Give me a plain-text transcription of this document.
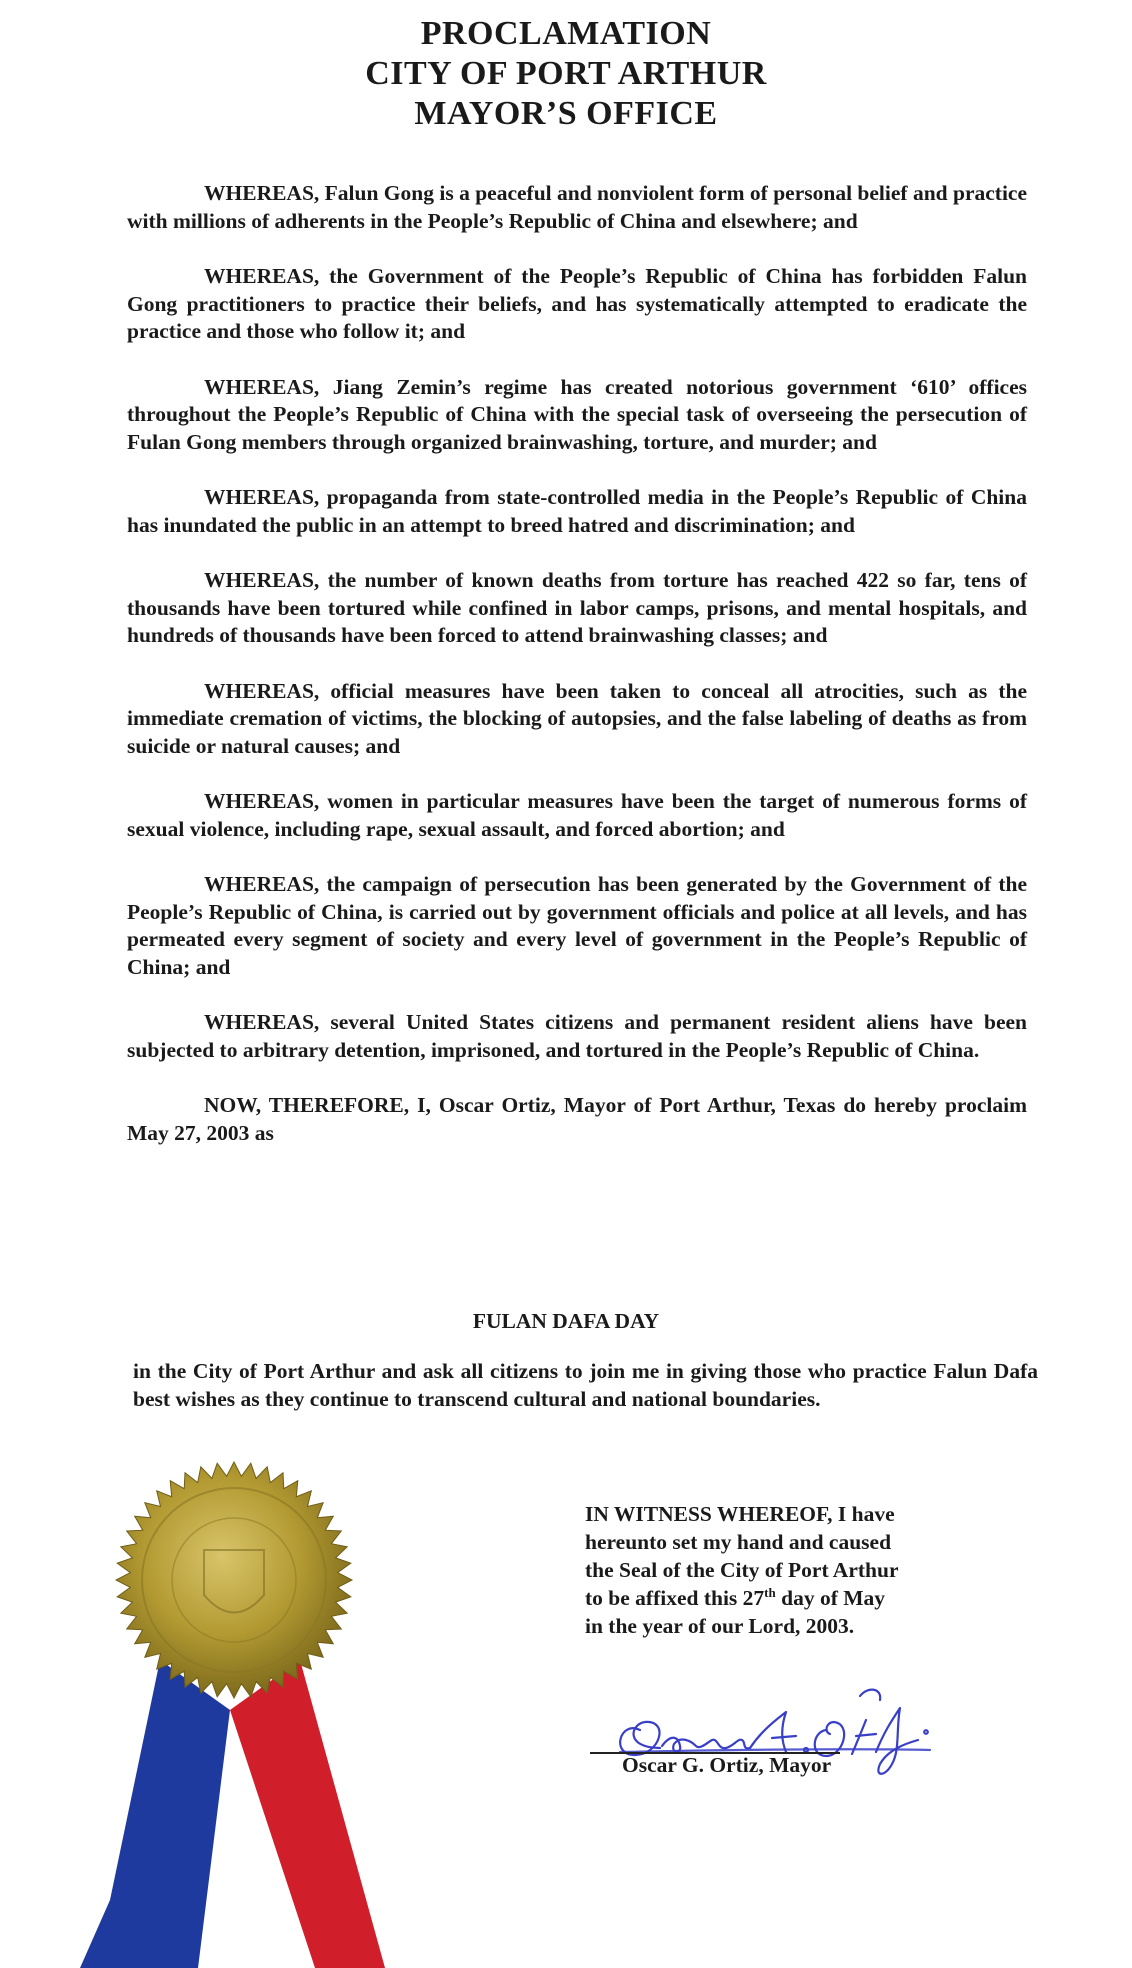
PROCLAMATION
CITY OF PORT ARTHUR
MAYOR’S OFFICE

WHEREAS, Falun Gong is a peaceful and nonviolent form of personal belief and practice with millions of adherents in the People’s Republic of China and elsewhere; and

WHEREAS, the Government of the People’s Republic of China has forbidden Falun Gong practitioners to practice their beliefs, and has systematically attempted to eradicate the practice and those who follow it; and

WHEREAS, Jiang Zemin’s regime has created notorious government ‘610’ offices throughout the People’s Republic of China with the special task of overseeing the persecution of Fulan Gong members through organized brainwashing, torture, and murder; and

WHEREAS, propaganda from state-controlled media in the People’s Republic of China has inundated the public in an attempt to breed hatred and discrimination; and

WHEREAS, the number of known deaths from torture has reached 422 so far, tens of thousands have been tortured while confined in labor camps, prisons, and mental hospitals, and hundreds of thousands have been forced to attend brainwashing classes; and

WHEREAS, official measures have been taken to conceal all atrocities, such as the immediate cremation of victims, the blocking of autopsies, and the false labeling of deaths as from suicide or natural causes; and

WHEREAS, women in particular measures have been the target of numerous forms of sexual violence, including rape, sexual assault, and forced abortion; and

WHEREAS, the campaign of persecution has been generated by the Government of the People’s Republic of China, is carried out by government officials and police at all levels, and has permeated every segment of society and every level of government in the People’s Republic of China; and

WHEREAS, several United States citizens and permanent resident aliens have been subjected to arbitrary detention, imprisoned, and tortured in the People’s Republic of China.

NOW, THEREFORE, I, Oscar Ortiz, Mayor of Port Arthur, Texas do hereby proclaim May 27, 2003 as

FULAN DAFA DAY
in the City of Port Arthur and ask all citizens to join me in giving those who practice Falun Dafa best wishes as they continue to transcend cultural and national boundaries.
IN WITNESS WHEREOF, I have
hereunto set my hand and caused
the Seal of the City of Port Arthur
to be affixed this 27th day of May
in the year of our Lord, 2003.
Oscar G. Ortiz, Mayor
